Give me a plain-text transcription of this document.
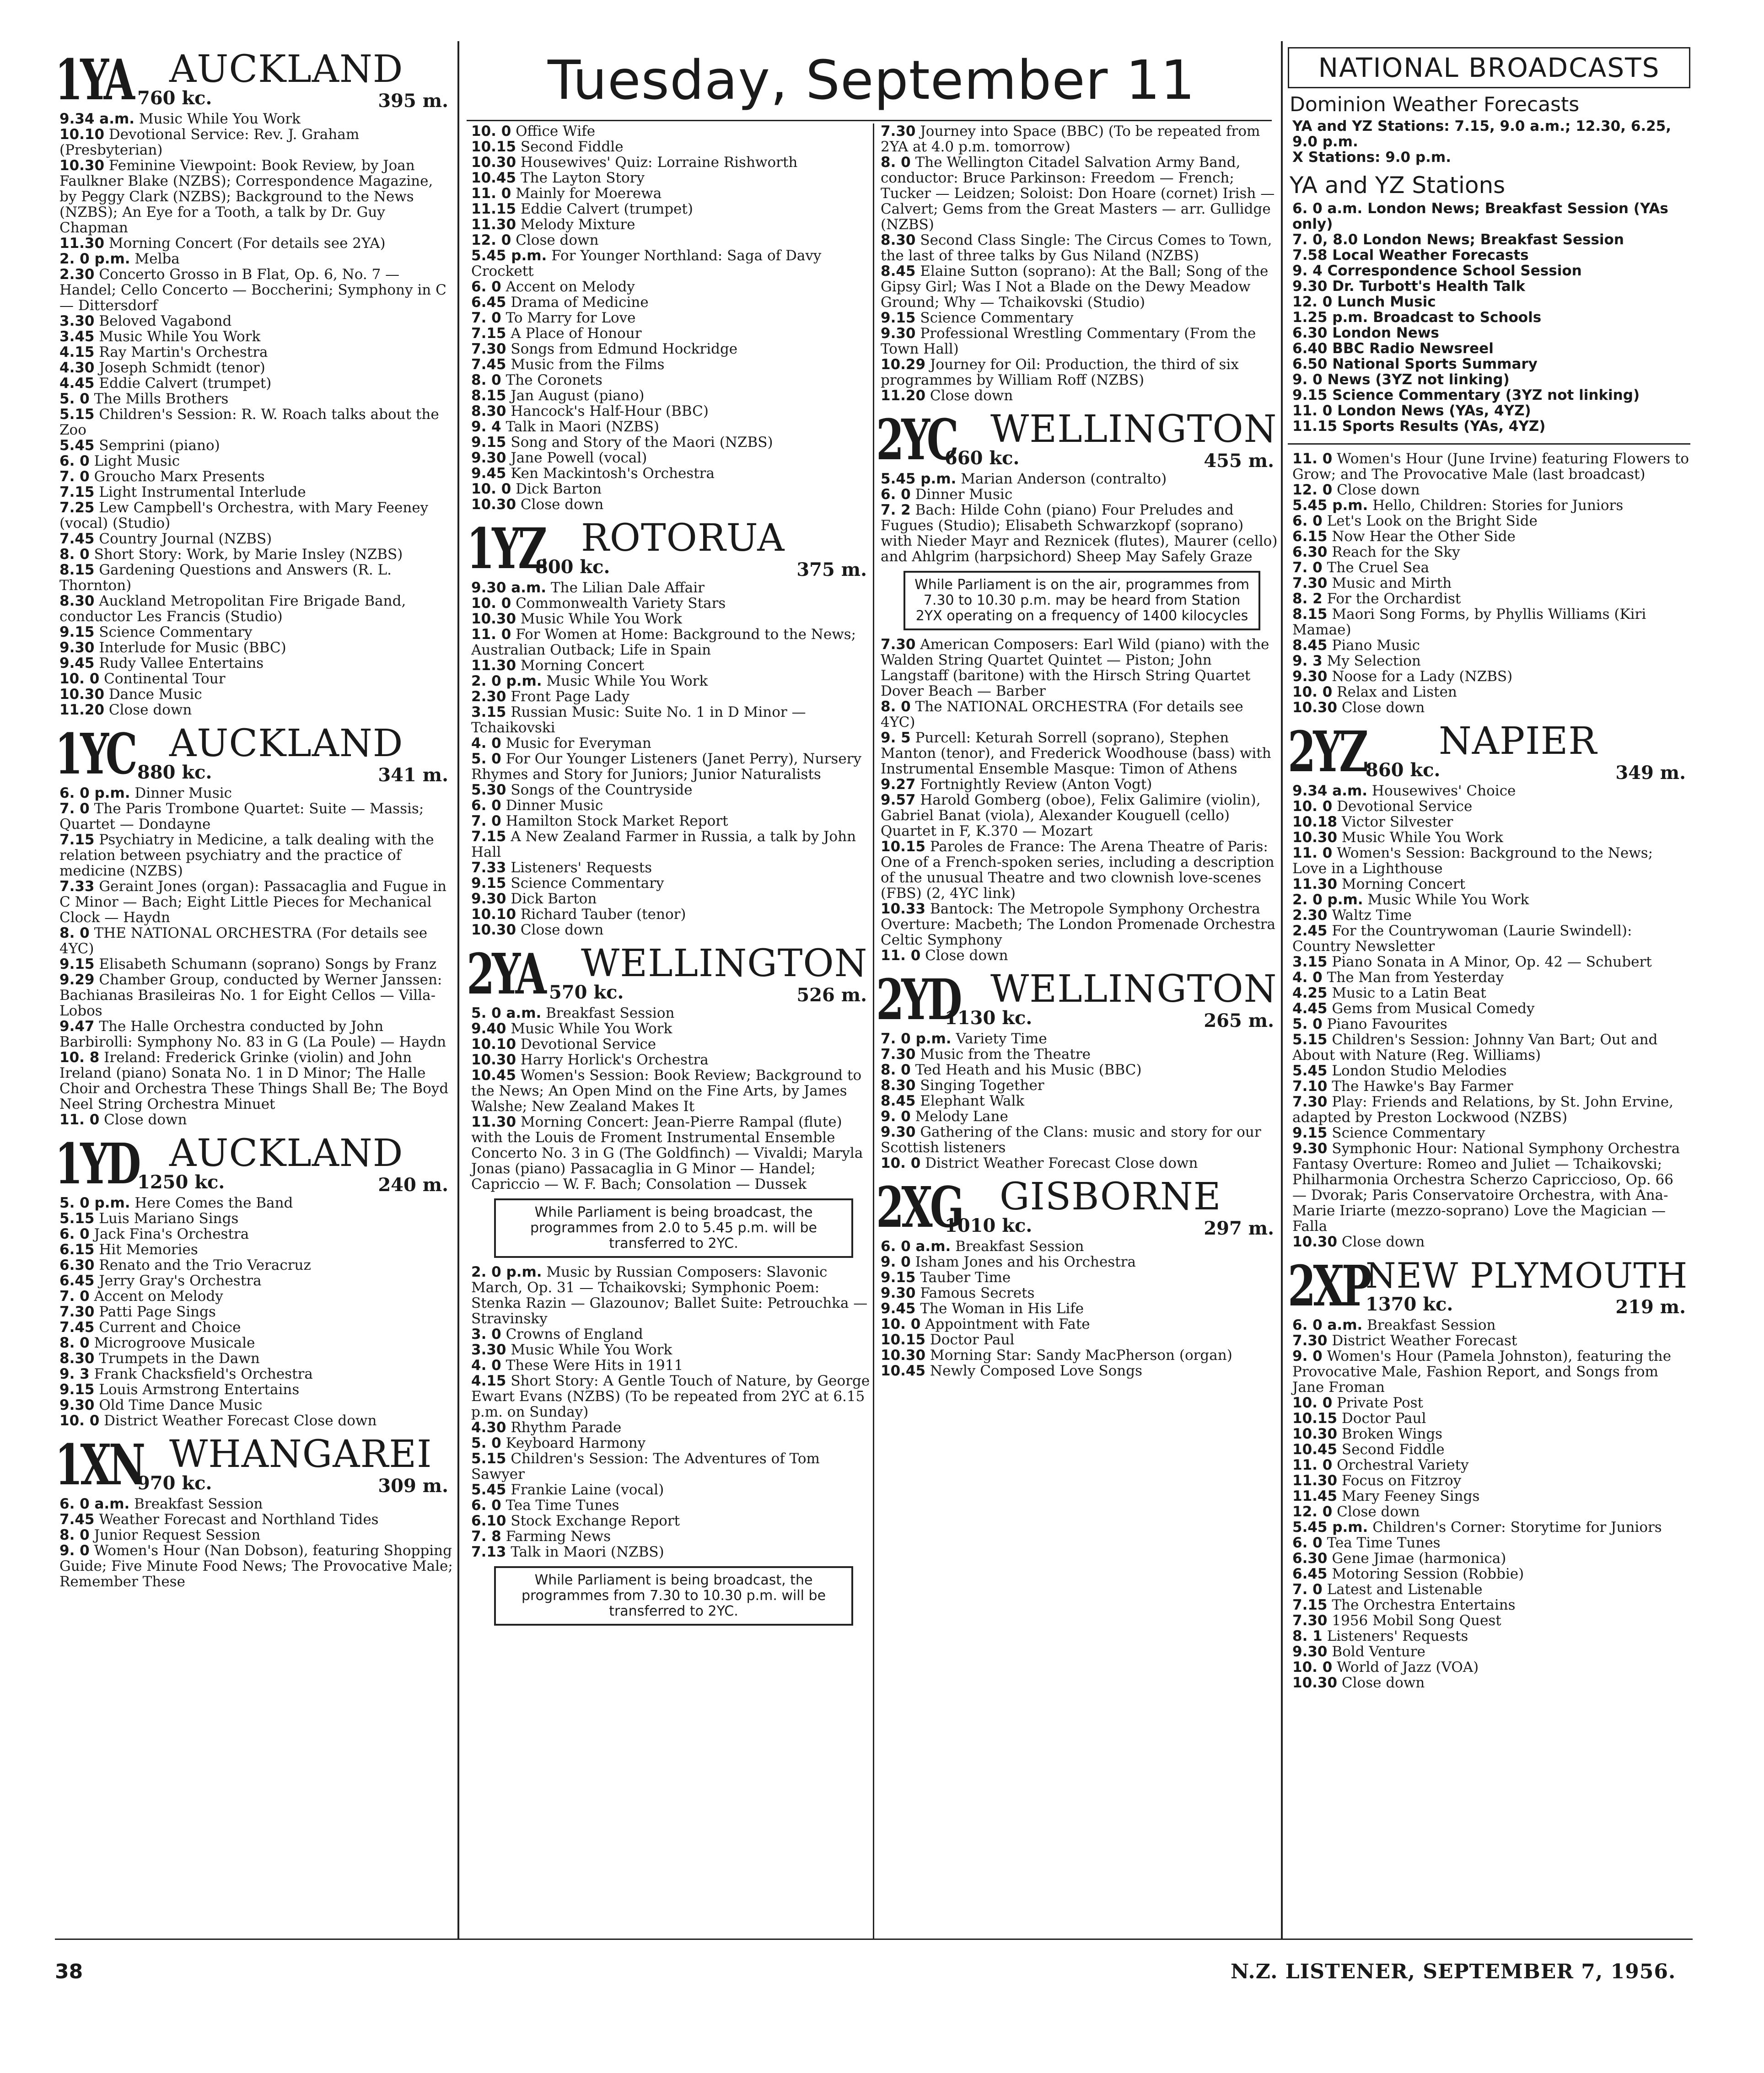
Tuesday, September 11
1YA AUCKLAND
760 kc.	395 m.
9.34 a.m. Music While You Work
10.10 Devotional Service: Rev. J. Graham (Presbyterian)
10.30 Feminine Viewpoint: Book Review, by Joan Faulkner Blake (NZBS); Correspondence Magazine, by Peggy Clark (NZBS); Background to the News (NZBS); An Eye for a Tooth, a talk by Dr. Guy Chapman
11.30 Morning Concert (For details see 2YA)
2. 0 p.m. Melba
2.30 Concerto Grosso in B Flat, Op. 6, No. 7 — Handel; Cello Concerto — Boccherini; Symphony in C — Dittersdorf
3.30 Beloved Vagabond
3.45 Music While You Work
4.15 Ray Martin's Orchestra
4.30 Joseph Schmidt (tenor)
4.45 Eddie Calvert (trumpet)
5. 0 The Mills Brothers
5.15 Children's Session: R. W. Roach talks about the Zoo
5.45 Semprini (piano)
6. 0 Light Music
7. 0 Groucho Marx Presents
7.15 Light Instrumental Interlude
7.25 Lew Campbell's Orchestra, with Mary Feeney (vocal) (Studio)
7.45 Country Journal (NZBS)
8. 0 Short Story: Work, by Marie Insley (NZBS)
8.15 Gardening Questions and Answers (R. L. Thornton)
8.30 Auckland Metropolitan Fire Brigade Band, conductor Les Francis (Studio)
9.15 Science Commentary
9.30 Interlude for Music (BBC)
9.45 Rudy Vallee Entertains
10. 0 Continental Tour
10.30 Dance Music
11.20 Close down
1YC AUCKLAND
880 kc.	341 m.
6. 0 p.m. Dinner Music
7. 0 The Paris Trombone Quartet: Suite — Massis; Quartet — Dondayne
7.15 Psychiatry in Medicine, a talk dealing with the relation between psychiatry and the practice of medicine (NZBS)
7.33 Geraint Jones (organ): Passacaglia and Fugue in C Minor — Bach; Eight Little Pieces for Mechanical Clock — Haydn
8. 0 THE NATIONAL ORCHESTRA (For details see 4YC)
9.15 Elisabeth Schumann (soprano) Songs by Franz
9.29 Chamber Group, conducted by Werner Janssen: Bachianas Brasileiras No. 1 for Eight Cellos — Villa-Lobos
9.47 The Halle Orchestra conducted by John Barbirolli: Symphony No. 83 in G (La Poule) — Haydn
10. 8 Ireland: Frederick Grinke (violin) and John Ireland (piano) Sonata No. 1 in D Minor; The Halle Choir and Orchestra These Things Shall Be; The Boyd Neel String Orchestra Minuet
11. 0 Close down
1YD AUCKLAND
1250 kc.	240 m.
5. 0 p.m. Here Comes the Band
5.15 Luis Mariano Sings
6. 0 Jack Fina's Orchestra
6.15 Hit Memories
6.30 Renato and the Trio Veracruz
6.45 Jerry Gray's Orchestra
7. 0 Accent on Melody
7.30 Patti Page Sings
7.45 Current and Choice
8. 0 Microgroove Musicale
8.30 Trumpets in the Dawn
9. 3 Frank Chacksfield's Orchestra
9.15 Louis Armstrong Entertains
9.30 Old Time Dance Music
10. 0 District Weather Forecast Close down
1XN WHANGAREI
970 kc.	309 m.
6. 0 a.m. Breakfast Session
7.45 Weather Forecast and Northland Tides
8. 0 Junior Request Session
9. 0 Women's Hour (Nan Dobson), featuring Shopping Guide; Five Minute Food News; The Provocative Male; Remember These
10. 0 Office Wife
10.15 Second Fiddle
10.30 Housewives' Quiz: Lorraine Rishworth
10.45 The Layton Story
11. 0 Mainly for Moerewa
11.15 Eddie Calvert (trumpet)
11.30 Melody Mixture
12. 0 Close down
5.45 p.m. For Younger Northland: Saga of Davy Crockett
6. 0 Accent on Melody
6.45 Drama of Medicine
7. 0 To Marry for Love
7.15 A Place of Honour
7.30 Songs from Edmund Hockridge
7.45 Music from the Films
8. 0 The Coronets
8.15 Jan August (piano)
8.30 Hancock's Half-Hour (BBC)
9. 4 Talk in Maori (NZBS)
9.15 Song and Story of the Maori (NZBS)
9.30 Jane Powell (vocal)
9.45 Ken Mackintosh's Orchestra
10. 0 Dick Barton
10.30 Close down
1YZ ROTORUA
800 kc.	375 m.
9.30 a.m. The Lilian Dale Affair
10. 0 Commonwealth Variety Stars
10.30 Music While You Work
11. 0 For Women at Home: Background to the News; Australian Outback; Life in Spain
11.30 Morning Concert
2. 0 p.m. Music While You Work
2.30 Front Page Lady
3.15 Russian Music: Suite No. 1 in D Minor — Tchaikovski
4. 0 Music for Everyman
5. 0 For Our Younger Listeners (Janet Perry), Nursery Rhymes and Story for Juniors; Junior Naturalists
5.30 Songs of the Countryside
6. 0 Dinner Music
7. 0 Hamilton Stock Market Report
7.15 A New Zealand Farmer in Russia, a talk by John Hall
7.33 Listeners' Requests
9.15 Science Commentary
9.30 Dick Barton
10.10 Richard Tauber (tenor)
10.30 Close down
2YA WELLINGTON
570 kc.	526 m.
5. 0 a.m. Breakfast Session
9.40 Music While You Work
10.10 Devotional Service
10.30 Harry Horlick's Orchestra
10.45 Women's Session: Book Review; Background to the News; An Open Mind on the Fine Arts, by James Walshe; New Zealand Makes It
11.30 Morning Concert: Jean-Pierre Rampal (flute) with the Louis de Froment Instrumental Ensemble Concerto No. 3 in G (The Goldfinch) — Vivaldi; Maryla Jonas (piano) Passacaglia in G Minor — Handel; Capriccio — W. F. Bach; Consolation — Dussek
While Parliament is being broadcast, the programmes from 2.0 to 5.45 p.m. will be transferred to 2YC.
2. 0 p.m. Music by Russian Composers: Slavonic March, Op. 31 — Tchaikovski; Symphonic Poem: Stenka Razin — Glazounov; Ballet Suite: Petrouchka — Stravinsky
3. 0 Crowns of England
3.30 Music While You Work
4. 0 These Were Hits in 1911
4.15 Short Story: A Gentle Touch of Nature, by George Ewart Evans (NZBS) (To be repeated from 2YC at 6.15 p.m. on Sunday)
4.30 Rhythm Parade
5. 0 Keyboard Harmony
5.15 Children's Session: The Adventures of Tom Sawyer
5.45 Frankie Laine (vocal)
6. 0 Tea Time Tunes
6.10 Stock Exchange Report
7. 8 Farming News
7.13 Talk in Maori (NZBS)
While Parliament is being broadcast, the programmes from 7.30 to 10.30 p.m. will be transferred to 2YC.
7.30 Journey into Space (BBC) (To be repeated from 2YA at 4.0 p.m. tomorrow)
8. 0 The Wellington Citadel Salvation Army Band, conductor: Bruce Parkinson: Freedom — French; Tucker — Leidzen; Soloist: Don Hoare (cornet) Irish — Calvert; Gems from the Great Masters — arr. Gullidge (NZBS)
8.30 Second Class Single: The Circus Comes to Town, the last of three talks by Gus Niland (NZBS)
8.45 Elaine Sutton (soprano): At the Ball; Song of the Gipsy Girl; Was I Not a Blade on the Dewy Meadow Ground; Why — Tchaikovski (Studio)
9.15 Science Commentary
9.30 Professional Wrestling Commentary (From the Town Hall)
10.29 Journey for Oil: Production, the third of six programmes by William Roff (NZBS)
11.20 Close down
2YC WELLINGTON
660 kc.	455 m.
5.45 p.m. Marian Anderson (contralto)
6. 0 Dinner Music
7. 2 Bach: Hilde Cohn (piano) Four Preludes and Fugues (Studio); Elisabeth Schwarzkopf (soprano) with Nieder Mayr and Reznicek (flutes), Maurer (cello) and Ahlgrim (harpsichord) Sheep May Safely Graze
While Parliament is on the air, programmes from 7.30 to 10.30 p.m. may be heard from Station 2YX operating on a frequency of 1400 kilocycles
7.30 American Composers: Earl Wild (piano) with the Walden String Quartet Quintet — Piston; John Langstaff (baritone) with the Hirsch String Quartet Dover Beach — Barber
8. 0 The NATIONAL ORCHESTRA (For details see 4YC)
9. 5 Purcell: Keturah Sorrell (soprano), Stephen Manton (tenor), and Frederick Woodhouse (bass) with Instrumental Ensemble Masque: Timon of Athens
9.27 Fortnightly Review (Anton Vogt)
9.57 Harold Gomberg (oboe), Felix Galimire (violin), Gabriel Banat (viola), Alexander Kouguell (cello) Quartet in F, K.370 — Mozart
10.15 Paroles de France: The Arena Theatre of Paris: One of a French-spoken series, including a description of the unusual Theatre and two clownish love-scenes (FBS) (2, 4YC link)
10.33 Bantock: The Metropole Symphony Orchestra Overture: Macbeth; The London Promenade Orchestra Celtic Symphony
11. 0 Close down
2YD WELLINGTON
1130 kc.	265 m.
7. 0 p.m. Variety Time
7.30 Music from the Theatre
8. 0 Ted Heath and his Music (BBC)
8.30 Singing Together
8.45 Elephant Walk
9. 0 Melody Lane
9.30 Gathering of the Clans: music and story for our Scottish listeners
10. 0 District Weather Forecast Close down
2XG GISBORNE
1010 kc.	297 m.
6. 0 a.m. Breakfast Session
9. 0 Isham Jones and his Orchestra
9.15 Tauber Time
9.30 Famous Secrets
9.45 The Woman in His Life
10. 0 Appointment with Fate
10.15 Doctor Paul
10.30 Morning Star: Sandy MacPherson (organ)
10.45 Newly Composed Love Songs
NATIONAL BROADCASTS
Dominion Weather Forecasts
YA and YZ Stations: 7.15, 9.0 a.m.; 12.30, 6.25, 9.0 p.m.
X Stations: 9.0 p.m.
YA and YZ Stations
6. 0 a.m. London News; Breakfast Session (YAs only)
7. 0, 8.0 London News; Breakfast Session
7.58 Local Weather Forecasts
9. 4 Correspondence School Session
9.30 Dr. Turbott's Health Talk
12. 0 Lunch Music
1.25 p.m. Broadcast to Schools
6.30 London News
6.40 BBC Radio Newsreel
6.50 National Sports Summary
9. 0 News (3YZ not linking)
9.15 Science Commentary (3YZ not linking)
11. 0 London News (YAs, 4YZ)
11.15 Sports Results (YAs, 4YZ)
11. 0 Women's Hour (June Irvine) featuring Flowers to Grow; and The Provocative Male (last broadcast)
12. 0 Close down
5.45 p.m. Hello, Children: Stories for Juniors
6. 0 Let's Look on the Bright Side
6.15 Now Hear the Other Side
6.30 Reach for the Sky
7. 0 The Cruel Sea
7.30 Music and Mirth
8. 2 For the Orchardist
8.15 Maori Song Forms, by Phyllis Williams (Kiri Mamae)
8.45 Piano Music
9. 3 My Selection
9.30 Noose for a Lady (NZBS)
10. 0 Relax and Listen
10.30 Close down
2YZ NAPIER
860 kc.	349 m.
9.34 a.m. Housewives' Choice
10. 0 Devotional Service
10.18 Victor Silvester
10.30 Music While You Work
11. 0 Women's Session: Background to the News; Love in a Lighthouse
11.30 Morning Concert
2. 0 p.m. Music While You Work
2.30 Waltz Time
2.45 For the Countrywoman (Laurie Swindell): Country Newsletter
3.15 Piano Sonata in A Minor, Op. 42 — Schubert
4. 0 The Man from Yesterday
4.25 Music to a Latin Beat
4.45 Gems from Musical Comedy
5. 0 Piano Favourites
5.15 Children's Session: Johnny Van Bart; Out and About with Nature (Reg. Williams)
5.45 London Studio Melodies
7.10 The Hawke's Bay Farmer
7.30 Play: Friends and Relations, by St. John Ervine, adapted by Preston Lockwood (NZBS)
9.15 Science Commentary
9.30 Symphonic Hour: National Symphony Orchestra Fantasy Overture: Romeo and Juliet — Tchaikovski; Philharmonia Orchestra Scherzo Capriccioso, Op. 66 — Dvorak; Paris Conservatoire Orchestra, with Ana-Marie Iriarte (mezzo-soprano) Love the Magician — Falla
10.30 Close down
2XP
NEW PLYMOUTH
1370 kc.	219 m.
6. 0 a.m. Breakfast Session
7.30 District Weather Forecast
9. 0 Women's Hour (Pamela Johnston), featuring the Provocative Male, Fashion Report, and Songs from Jane Froman
10. 0 Private Post
10.15 Doctor Paul
10.30 Broken Wings
10.45 Second Fiddle
11. 0 Orchestral Variety
11.30 Focus on Fitzroy
11.45 Mary Feeney Sings
12. 0 Close down
5.45 p.m. Children's Corner: Storytime for Juniors
6. 0 Tea Time Tunes
6.30 Gene Jimae (harmonica)
6.45 Motoring Session (Robbie)
7. 0 Latest and Listenable
7.15 The Orchestra Entertains
7.30 1956 Mobil Song Quest
8. 1 Listeners' Requests
9.30 Bold Venture
10. 0 World of Jazz (VOA)
10.30 Close down
38	N.Z. LISTENER, SEPTEMBER 7, 1956.
